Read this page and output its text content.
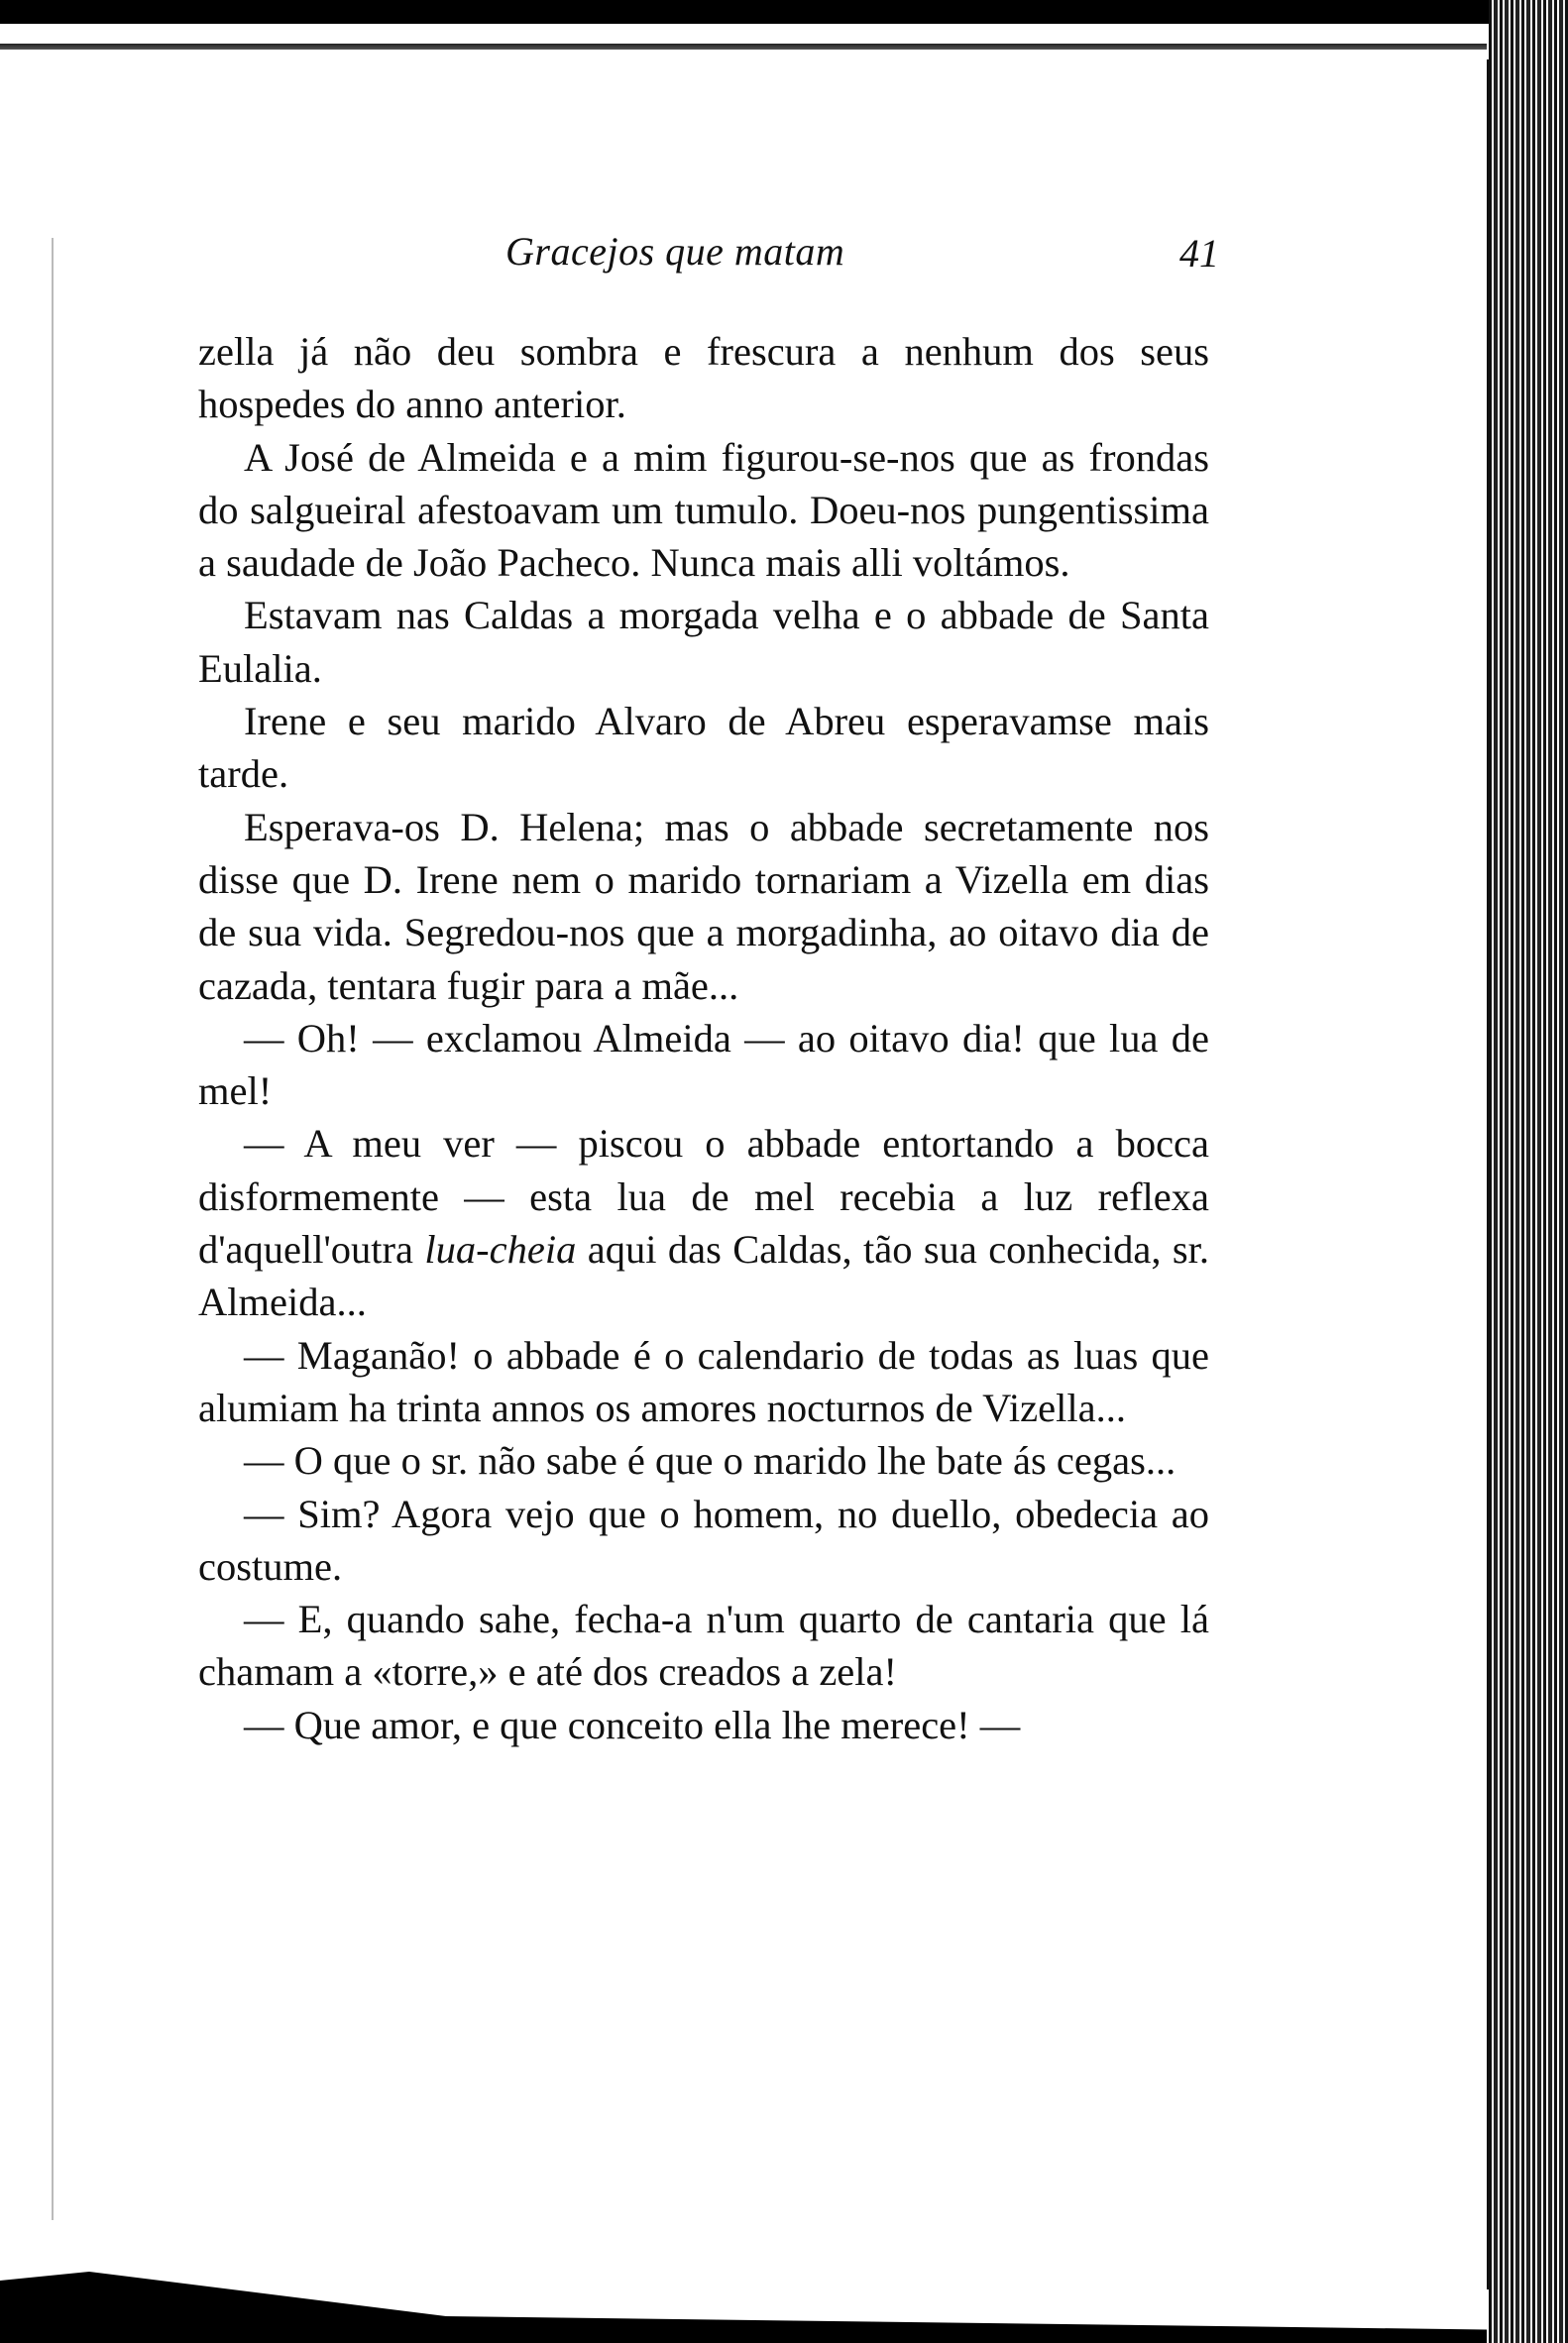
Gracejos que matam	41

zella já não deu sombra e frescura a nenhum dos seus hospedes do anno anterior.

A José de Almeida e a mim figurou-se-nos que as frondas do salgueiral afestoavam um tumulo. Doeu-nos pungentissima a saudade de João Pacheco. Nunca mais alli voltámos.

Estavam nas Caldas a morgada velha e o abbade de Santa Eulalia.

Irene e seu marido Alvaro de Abreu esperavamse mais tarde.

Esperava-os D. Helena; mas o abbade secretamente nos disse que D. Irene nem o marido tornariam a Vizella em dias de sua vida. Segredou-nos que a morgadinha, ao oitavo dia de cazada, tentara fugir para a mãe...

— Oh! — exclamou Almeida — ao oitavo dia! que lua de mel!

— A meu ver — piscou o abbade entortando a bocca disformemente — esta lua de mel recebia a luz reflexa d'aquell'outra lua-cheia aqui das Caldas, tão sua conhecida, sr. Almeida...

— Maganão! o abbade é o calendario de todas as luas que alumiam ha trinta annos os amores nocturnos de Vizella...

— O que o sr. não sabe é que o marido lhe bate ás cegas...

— Sim? Agora vejo que o homem, no duello, obedecia ao costume.

— E, quando sahe, fecha-a n'um quarto de cantaria que lá chamam a «torre,» e até dos creados a zela!

— Que amor, e que conceito ella lhe merece! —
